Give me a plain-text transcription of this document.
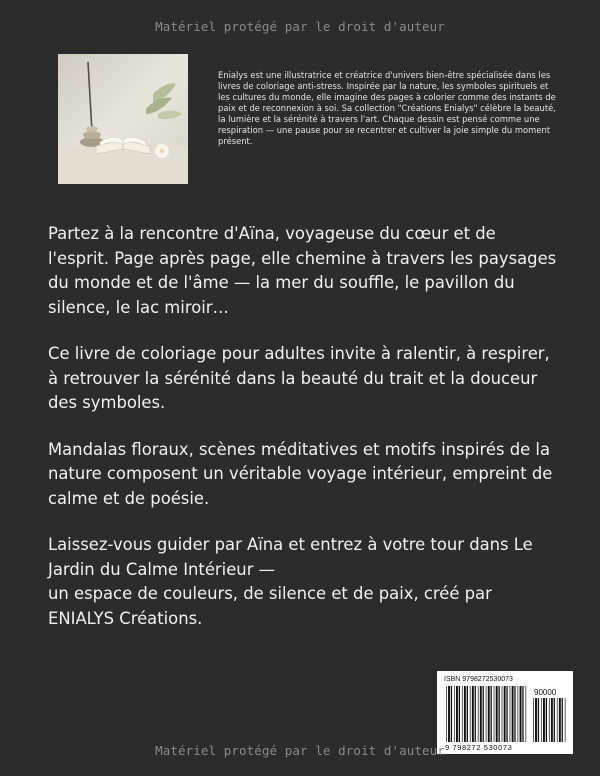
Matériel protégé par le droit d'auteur
Enialys est une illustratrice et créatrice d'univers bien-être spécialisée dans les livres de coloriage anti-stress. Inspirée par la nature, les symboles spirituels et les cultures du monde, elle imagine des pages à colorier comme des instants de paix et de reconnexion à soi. Sa collection "Créations Enialys" célèbre la beauté, la lumière et la sérénité à travers l'art. Chaque dessin est pensé comme une respiration — une pause pour se recentrer et cultiver la joie simple du moment présent.

Partez à la rencontre d'Aïna, voyageuse du cœur et de l'esprit. Page après page, elle chemine à travers les paysages du monde et de l'âme — la mer du souffle, le pavillon du silence, le lac miroir…

Ce livre de coloriage pour adultes invite à ralentir, à respirer, à retrouver la sérénité dans la beauté du trait et la douceur des symboles.

Mandalas floraux, scènes méditatives et motifs inspirés de la nature composent un véritable voyage intérieur, empreint de calme et de poésie.

Laissez-vous guider par Aïna et entrez à votre tour dans Le Jardin du Calme Intérieur —
un espace de couleurs, de silence et de paix, créé par ENIALYS Créations.

ISBN 9798272530073
90000
9 798272 530073
Matériel protégé par le droit d'auteur
